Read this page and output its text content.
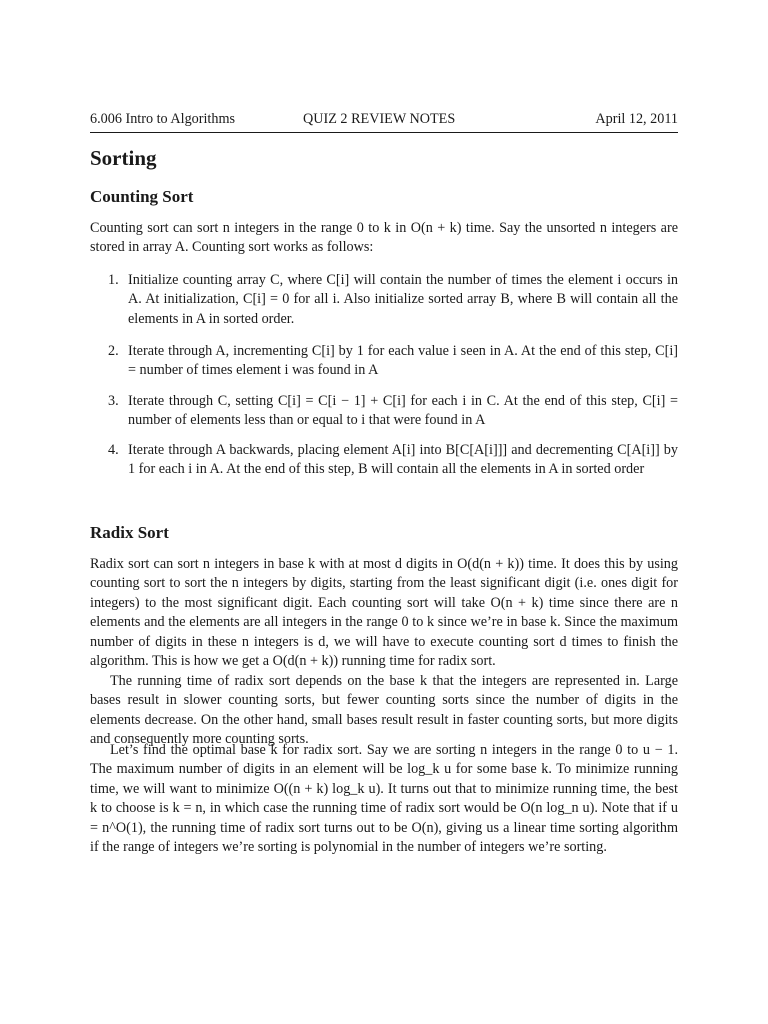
6.006 Intro to Algorithms	QUIZ 2 REVIEW NOTES	April 12, 2011
Sorting
Counting Sort
Counting sort can sort n integers in the range 0 to k in O(n + k) time. Say the unsorted n integers are stored in array A. Counting sort works as follows:
1. Initialize counting array C, where C[i] will contain the number of times the element i occurs in A. At initialization, C[i] = 0 for all i. Also initialize sorted array B, where B will contain all the elements in A in sorted order.
2. Iterate through A, incrementing C[i] by 1 for each value i seen in A. At the end of this step, C[i] = number of times element i was found in A
3. Iterate through C, setting C[i] = C[i − 1] + C[i] for each i in C. At the end of this step, C[i] = number of elements less than or equal to i that were found in A
4. Iterate through A backwards, placing element A[i] into B[C[A[i]]] and decrementing C[A[i]] by 1 for each i in A. At the end of this step, B will contain all the elements in A in sorted order
Radix Sort
Radix sort can sort n integers in base k with at most d digits in O(d(n + k)) time. It does this by using counting sort to sort the n integers by digits, starting from the least significant digit (i.e. ones digit for integers) to the most significant digit. Each counting sort will take O(n + k) time since there are n elements and the elements are all integers in the range 0 to k since we’re in base k. Since the maximum number of digits in these n integers is d, we will have to execute counting sort d times to finish the algorithm. This is how we get a O(d(n + k)) running time for radix sort.
The running time of radix sort depends on the base k that the integers are represented in. Large bases result in slower counting sorts, but fewer counting sorts since the number of digits in the elements decrease. On the other hand, small bases result result in faster counting sorts, but more digits and consequently more counting sorts.
Let’s find the optimal base k for radix sort. Say we are sorting n integers in the range 0 to u − 1. The maximum number of digits in an element will be log_k u for some base k. To minimize running time, we will want to minimize O((n + k) log_k u). It turns out that to minimize running time, the best k to choose is k = n, in which case the running time of radix sort would be O(n log_n u). Note that if u = n^O(1), the running time of radix sort turns out to be O(n), giving us a linear time sorting algorithm if the range of integers we’re sorting is polynomial in the number of integers we’re sorting.
